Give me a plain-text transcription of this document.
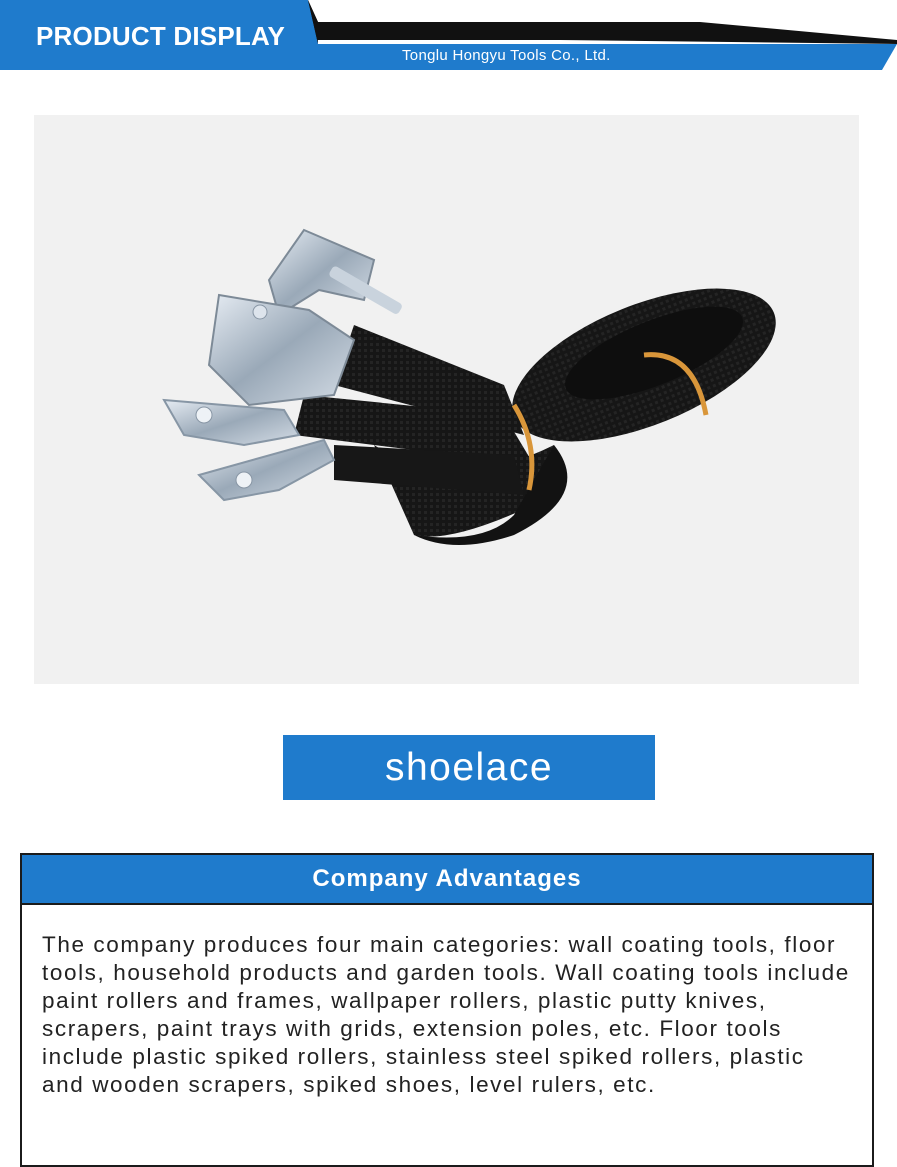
PRODUCT DISPLAY
Tonglu Hongyu Tools Co., Ltd.
shoelace
Company Advantages
The company produces four main categories: wall coating tools, floor tools, household products and garden tools. Wall coating tools include paint rollers and frames, wallpaper rollers, plastic putty knives, scrapers, paint trays with grids, extension poles, etc. Floor tools include plastic spiked rollers, stainless steel spiked rollers, plastic and wooden scrapers, spiked shoes, level rulers, etc.
